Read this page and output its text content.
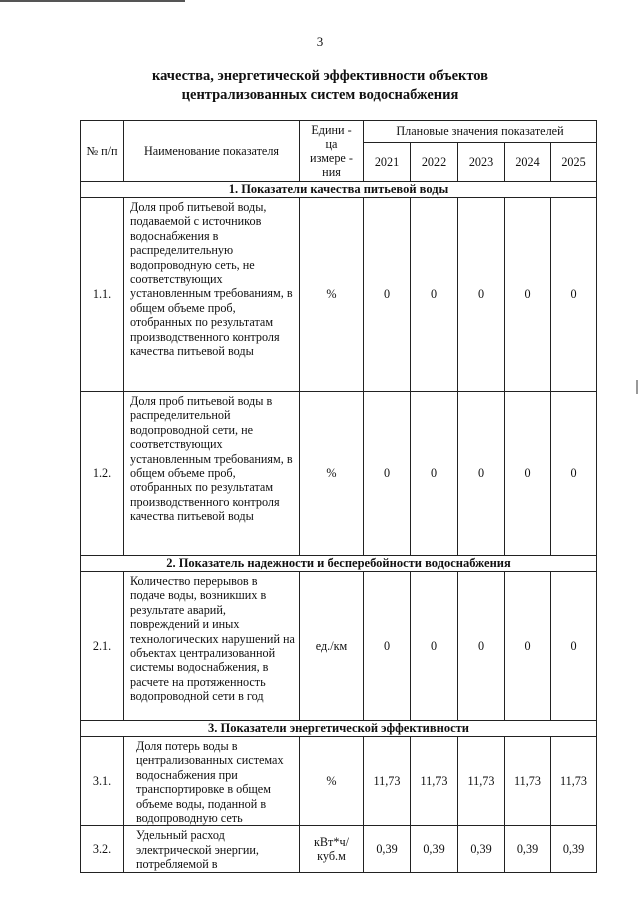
3
качества, энергетической эффективности объектов
централизованных систем водоснабжения
№ п/п	Наименование показателя	Едини - ца измере - ния	Плановые значения показателей				
			2021	2022	2023	2024	2025
1. Показатели качества питьевой воды							
1.1.	Доля проб питьевой воды, подаваемой с источников водоснабжения в распределительную водопроводную сеть, не соответствующих установленным требованиям, в общем объеме проб, отобранных по результатам производственного контроля качества питьевой воды	%	0	0	0	0	0
1.2.	Доля проб питьевой воды в распределительной водопроводной сети, не соответствующих установленным требованиям, в общем объеме проб, отобранных по результатам производственного контроля качества питьевой воды	%	0	0	0	0	0
2. Показатель надежности и бесперебойности водоснабжения							
2.1.	Количество перерывов в подаче воды, возникших в результате аварий, повреждений и иных технологических нарушений на объектах централизованной системы водоснабжения, в расчете на протяженность водопроводной сети в год	ед./км	0	0	0	0	0
3. Показатели энергетической эффективности							
3.1.	Доля потерь воды в централизованных системах водоснабжения при транспортировке в общем объеме воды, поданной в водопроводную сеть	%	11,73	11,73	11,73	11,73	11,73
3.2.	Удельный расход электрической энергии, потребляемой в	кВт*ч/ куб.м	0,39	0,39	0,39	0,39	0,39
